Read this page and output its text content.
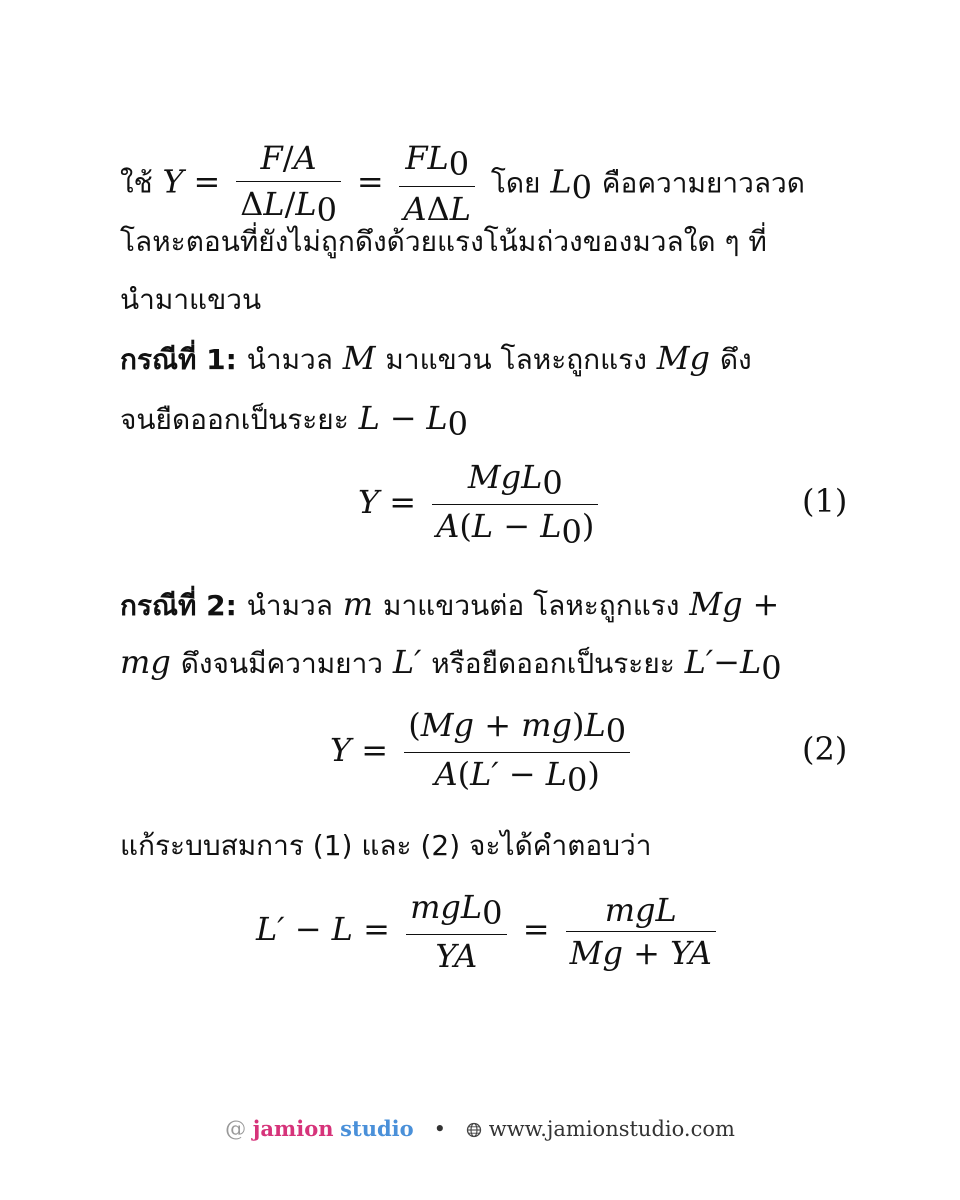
ใช้ $Y = \frac{F/A}{\Delta L/L_0} = \frac{FL_0}{\text{AΔL}}$ โดย $L_0$ คือความยาวลวด
โลหะตอนที่ยังไม่ถูกดึงด้วยแรงโน้มถ่วงของมวลใด ๆ ที่
นำมาแขวน
กรณีที่ 1: นำมวล M มาแขวน โลหะถูกแรง Mg ดึง
จนยืดออกเป็นระยะ $L - L_0$
$Y = \frac{MgL_0}{A(L - L_0)}$	(1)
กรณีที่ 2: นำมวล m มาแขวนต่อ โลหะถูกแรง Mg +
mg ดึงจนมีความยาว L′ หรือยืดออกเป็นระยะ $L'-L_0$
$Y = \frac{(Mg + mg)L_0}{A(L' - L_0)}$	(2)
แก้ระบบสมการ (1) และ (2) จะได้คำตอบว่า
$L' - L = \frac{mgL_0}{YA} = \frac{\text{mgL}}{Mg + YA}$
@ jamion studio • www.jamionstudio.com
